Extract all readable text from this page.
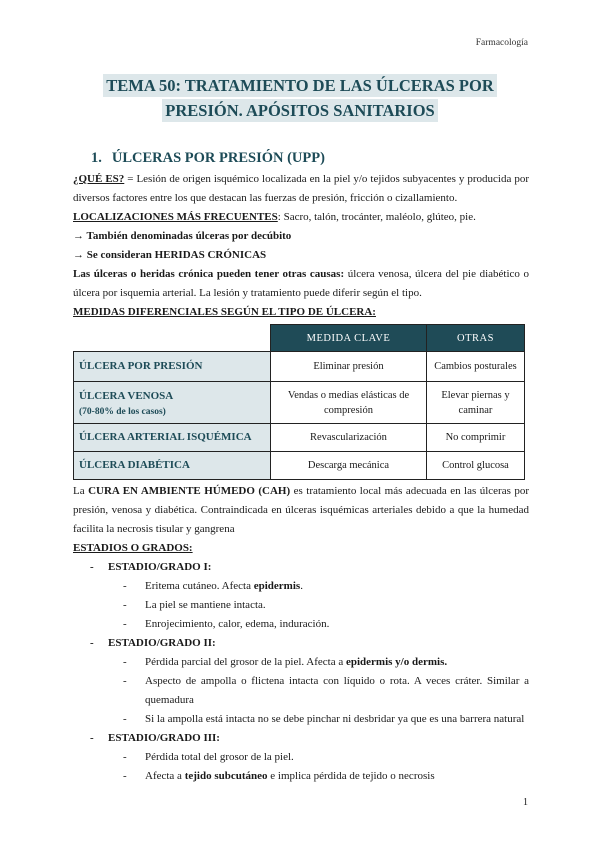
Farmacología
TEMA 50: TRATAMIENTO DE LAS ÚLCERAS POR
PRESIÓN. APÓSITOS SANITARIOS
1. ÚLCERAS POR PRESIÓN (UPP)

¿QUÉ ES? = Lesión de origen isquémico localizada en la piel y/o tejidos subyacentes y producida por diversos factores entre los que destacan las fuerzas de presión, fricción o cizallamiento.

LOCALIZACIONES MÁS FRECUENTES: Sacro, talón, trocánter, maléolo, glúteo, pie.

→ También denominadas úlceras por decúbito

→ Se consideran HERIDAS CRÓNICAS

Las úlceras o heridas crónica pueden tener otras causas: úlcera venosa, úlcera del pie diabético o úlcera por isquemia arterial. La lesión y tratamiento puede diferir según el tipo.

MEDIDAS DIFERENCIALES SEGÚN EL TIPO DE ÚLCERA:

	MEDIDA CLAVE	OTRAS
ÚLCERA POR PRESIÓN	Eliminar presión	Cambios posturales
ÚLCERA VENOSA
(70-80% de los casos)	Vendas o medias elásticas de compresión	Elevar piernas y caminar
ÚLCERA ARTERIAL ISQUÉMICA	Revascularización	No comprimir
ÚLCERA DIABÉTICA	Descarga mecánica	Control glucosa

La CURA EN AMBIENTE HÚMEDO (CAH) es tratamiento local más adecuada en las úlceras por presión, venosa y diabética. Contraindicada en úlceras isquémicas arteriales debido a que la humedad facilita la necrosis tisular y gangrena

ESTADIOS O GRADOS:

- ESTADIO/GRADO I:
- Eritema cutáneo. Afecta epidermis.
- La piel se mantiene intacta.
- Enrojecimiento, calor, edema, induración.
- ESTADIO/GRADO II:
- Pérdida parcial del grosor de la piel. Afecta a epidermis y/o dermis.
- Aspecto de ampolla o flictena intacta con líquido o rota. A veces cráter. Similar a quemadura
- Si la ampolla está intacta no se debe pinchar ni desbridar ya que es una barrera natural
- ESTADIO/GRADO III:
- Pérdida total del grosor de la piel.
- Afecta a tejido subcutáneo e implica pérdida de tejido o necrosis
1
